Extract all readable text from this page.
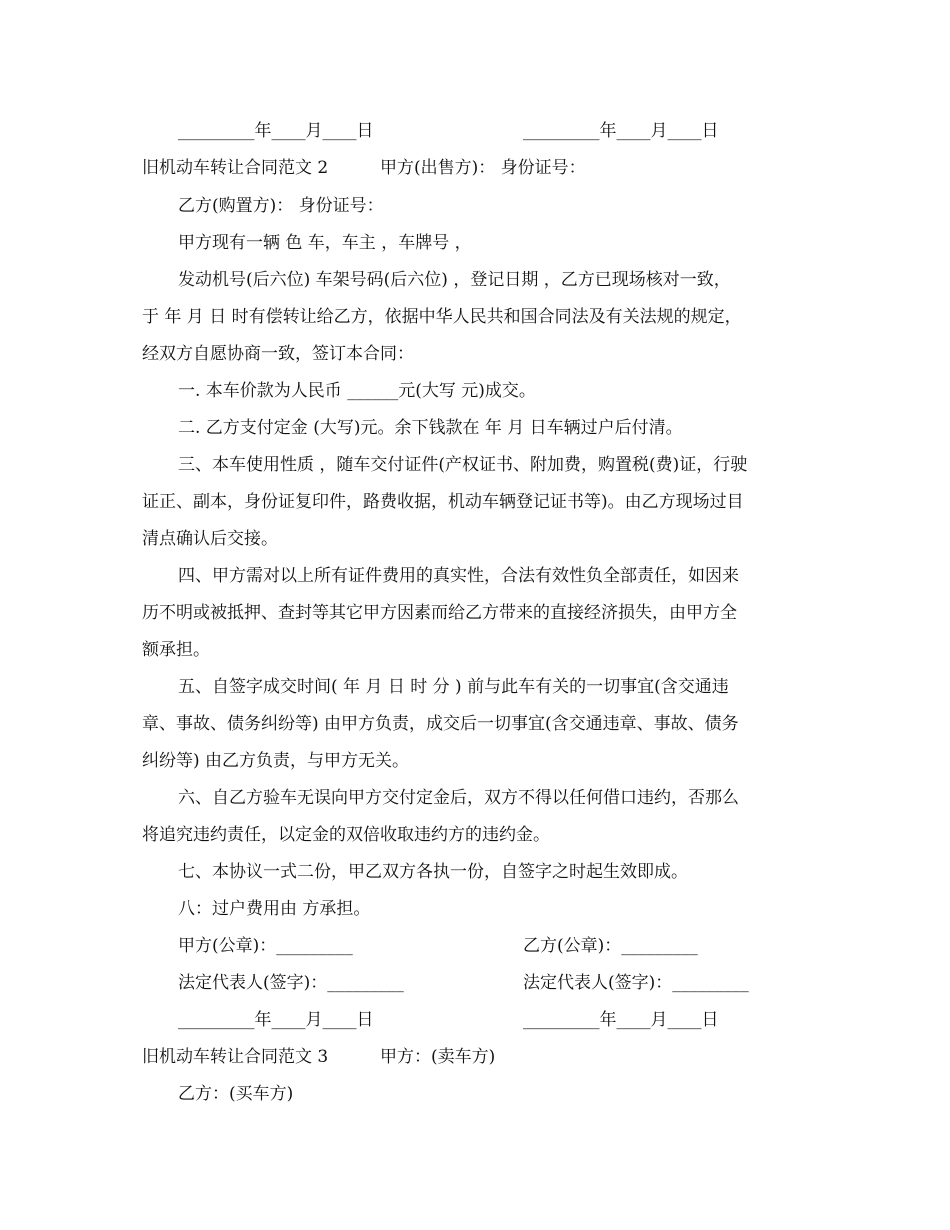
_________年____月____日	_________年____月____日
旧机动车转让合同范文 2	甲方(出售方)： 身份证号：
乙方(购置方)： 身份证号：
甲方现有一辆 色 车，车主 ，车牌号 ，
发动机号(后六位) 车架号码(后六位) ，登记日期 ，乙方已现场核对一致，
于 年 月 日 时有偿转让给乙方，依据中华人民共和国合同法及有关法规的规定，
经双方自愿协商一致，签订本合同：
一. 本车价款为人民币 ______元(大写 元)成交。
二. 乙方支付定金 (大写)元。余下钱款在 年 月 日车辆过户后付清。
三、本车使用性质 ，随车交付证件(产权证书、附加费，购置税(费)证，行驶
证正、副本，身份证复印件，路费收据，机动车辆登记证书等)。由乙方现场过目
清点确认后交接。
四、甲方需对以上所有证件费用的真实性，合法有效性负全部责任，如因来
历不明或被抵押、查封等其它甲方因素而给乙方带来的直接经济损失，由甲方全
额承担。
五、自签字成交时间( 年 月 日 时 分 ) 前与此车有关的一切事宜(含交通违
章、事故、债务纠纷等) 由甲方负责，成交后一切事宜(含交通违章、事故、债务
纠纷等) 由乙方负责，与甲方无关。
六、自乙方验车无误向甲方交付定金后，双方不得以任何借口违约，否那么
将追究违约责任，以定金的双倍收取违约方的违约金。
七、本协议一式二份，甲乙双方各执一份，自签字之时起生效即成。
八：过户费用由 方承担。
甲方(公章)：_________	乙方(公章)：_________
法定代表人(签字)：_________	法定代表人(签字)：_________
_________年____月____日	_________年____月____日
旧机动车转让合同范文 3	甲方：(卖车方)
乙方：(买车方)
